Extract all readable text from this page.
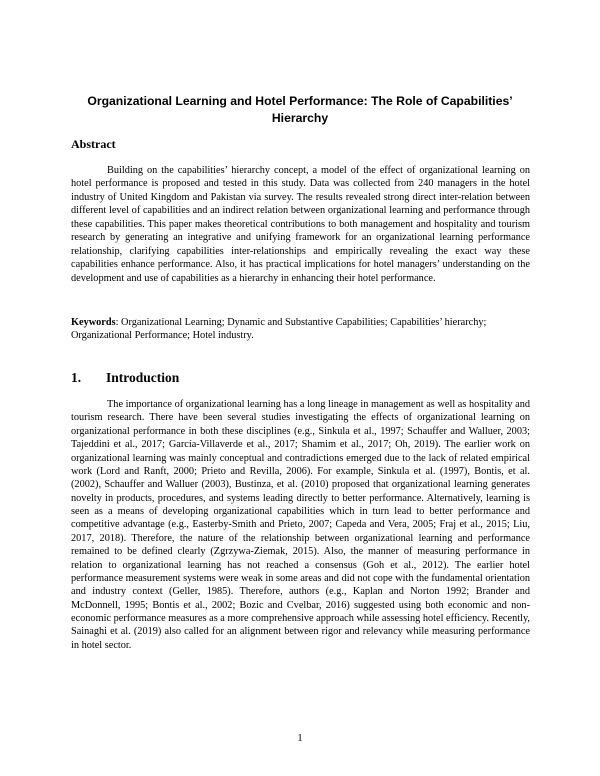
Organizational Learning and Hotel Performance: The Role of Capabilities’ Hierarchy
Abstract
Building on the capabilities’ hierarchy concept, a model of the effect of organizational learning on hotel performance is proposed and tested in this study. Data was collected from 240 managers in the hotel industry of United Kingdom and Pakistan via survey. The results revealed strong direct inter-relation between different level of capabilities and an indirect relation between organizational learning and performance through these capabilities. This paper makes theoretical contributions to both management and hospitality and tourism research by generating an integrative and unifying framework for an organizational learning performance relationship, clarifying capabilities inter-relationships and empirically revealing the exact way these capabilities enhance performance. Also, it has practical implications for hotel managers’ understanding on the development and use of capabilities as a hierarchy in enhancing their hotel performance.
Keywords: Organizational Learning; Dynamic and Substantive Capabilities; Capabilities’ hierarchy; Organizational Performance; Hotel industry.
1. Introduction
The importance of organizational learning has a long lineage in management as well as hospitality and tourism research. There have been several studies investigating the effects of organizational learning on organizational performance in both these disciplines (e.g., Sinkula et al., 1997; Schauffer and Walluer, 2003; Tajeddini et al., 2017; García-Villaverde et al., 2017; Shamim et al., 2017; Oh, 2019). The earlier work on organizational learning was mainly conceptual and contradictions emerged due to the lack of related empirical work (Lord and Ranft, 2000; Prieto and Revilla, 2006). For example, Sinkula et al. (1997), Bontis, et al. (2002), Schauffer and Walluer (2003), Bustinza, et al. (2010) proposed that organizational learning generates novelty in products, procedures, and systems leading directly to better performance. Alternatively, learning is seen as a means of developing organizational capabilities which in turn lead to better performance and competitive advantage (e.g., Easterby-Smith and Prieto, 2007; Capeda and Vera, 2005; Fraj et al., 2015; Liu, 2017, 2018). Therefore, the nature of the relationship between organizational learning and performance remained to be defined clearly (Zgrzywa-Ziemak, 2015). Also, the manner of measuring performance in relation to organizational learning has not reached a consensus (Goh et al., 2012). The earlier hotel performance measurement systems were weak in some areas and did not cope with the fundamental orientation and industry context (Geller, 1985). Therefore, authors (e.g., Kaplan and Norton 1992; Brander and McDonnell, 1995; Bontis et al., 2002; Bozic and Cvelbar, 2016) suggested using both economic and non-economic performance measures as a more comprehensive approach while assessing hotel efficiency. Recently, Sainaghi et al. (2019) also called for an alignment between rigor and relevancy while measuring performance in hotel sector.
1
